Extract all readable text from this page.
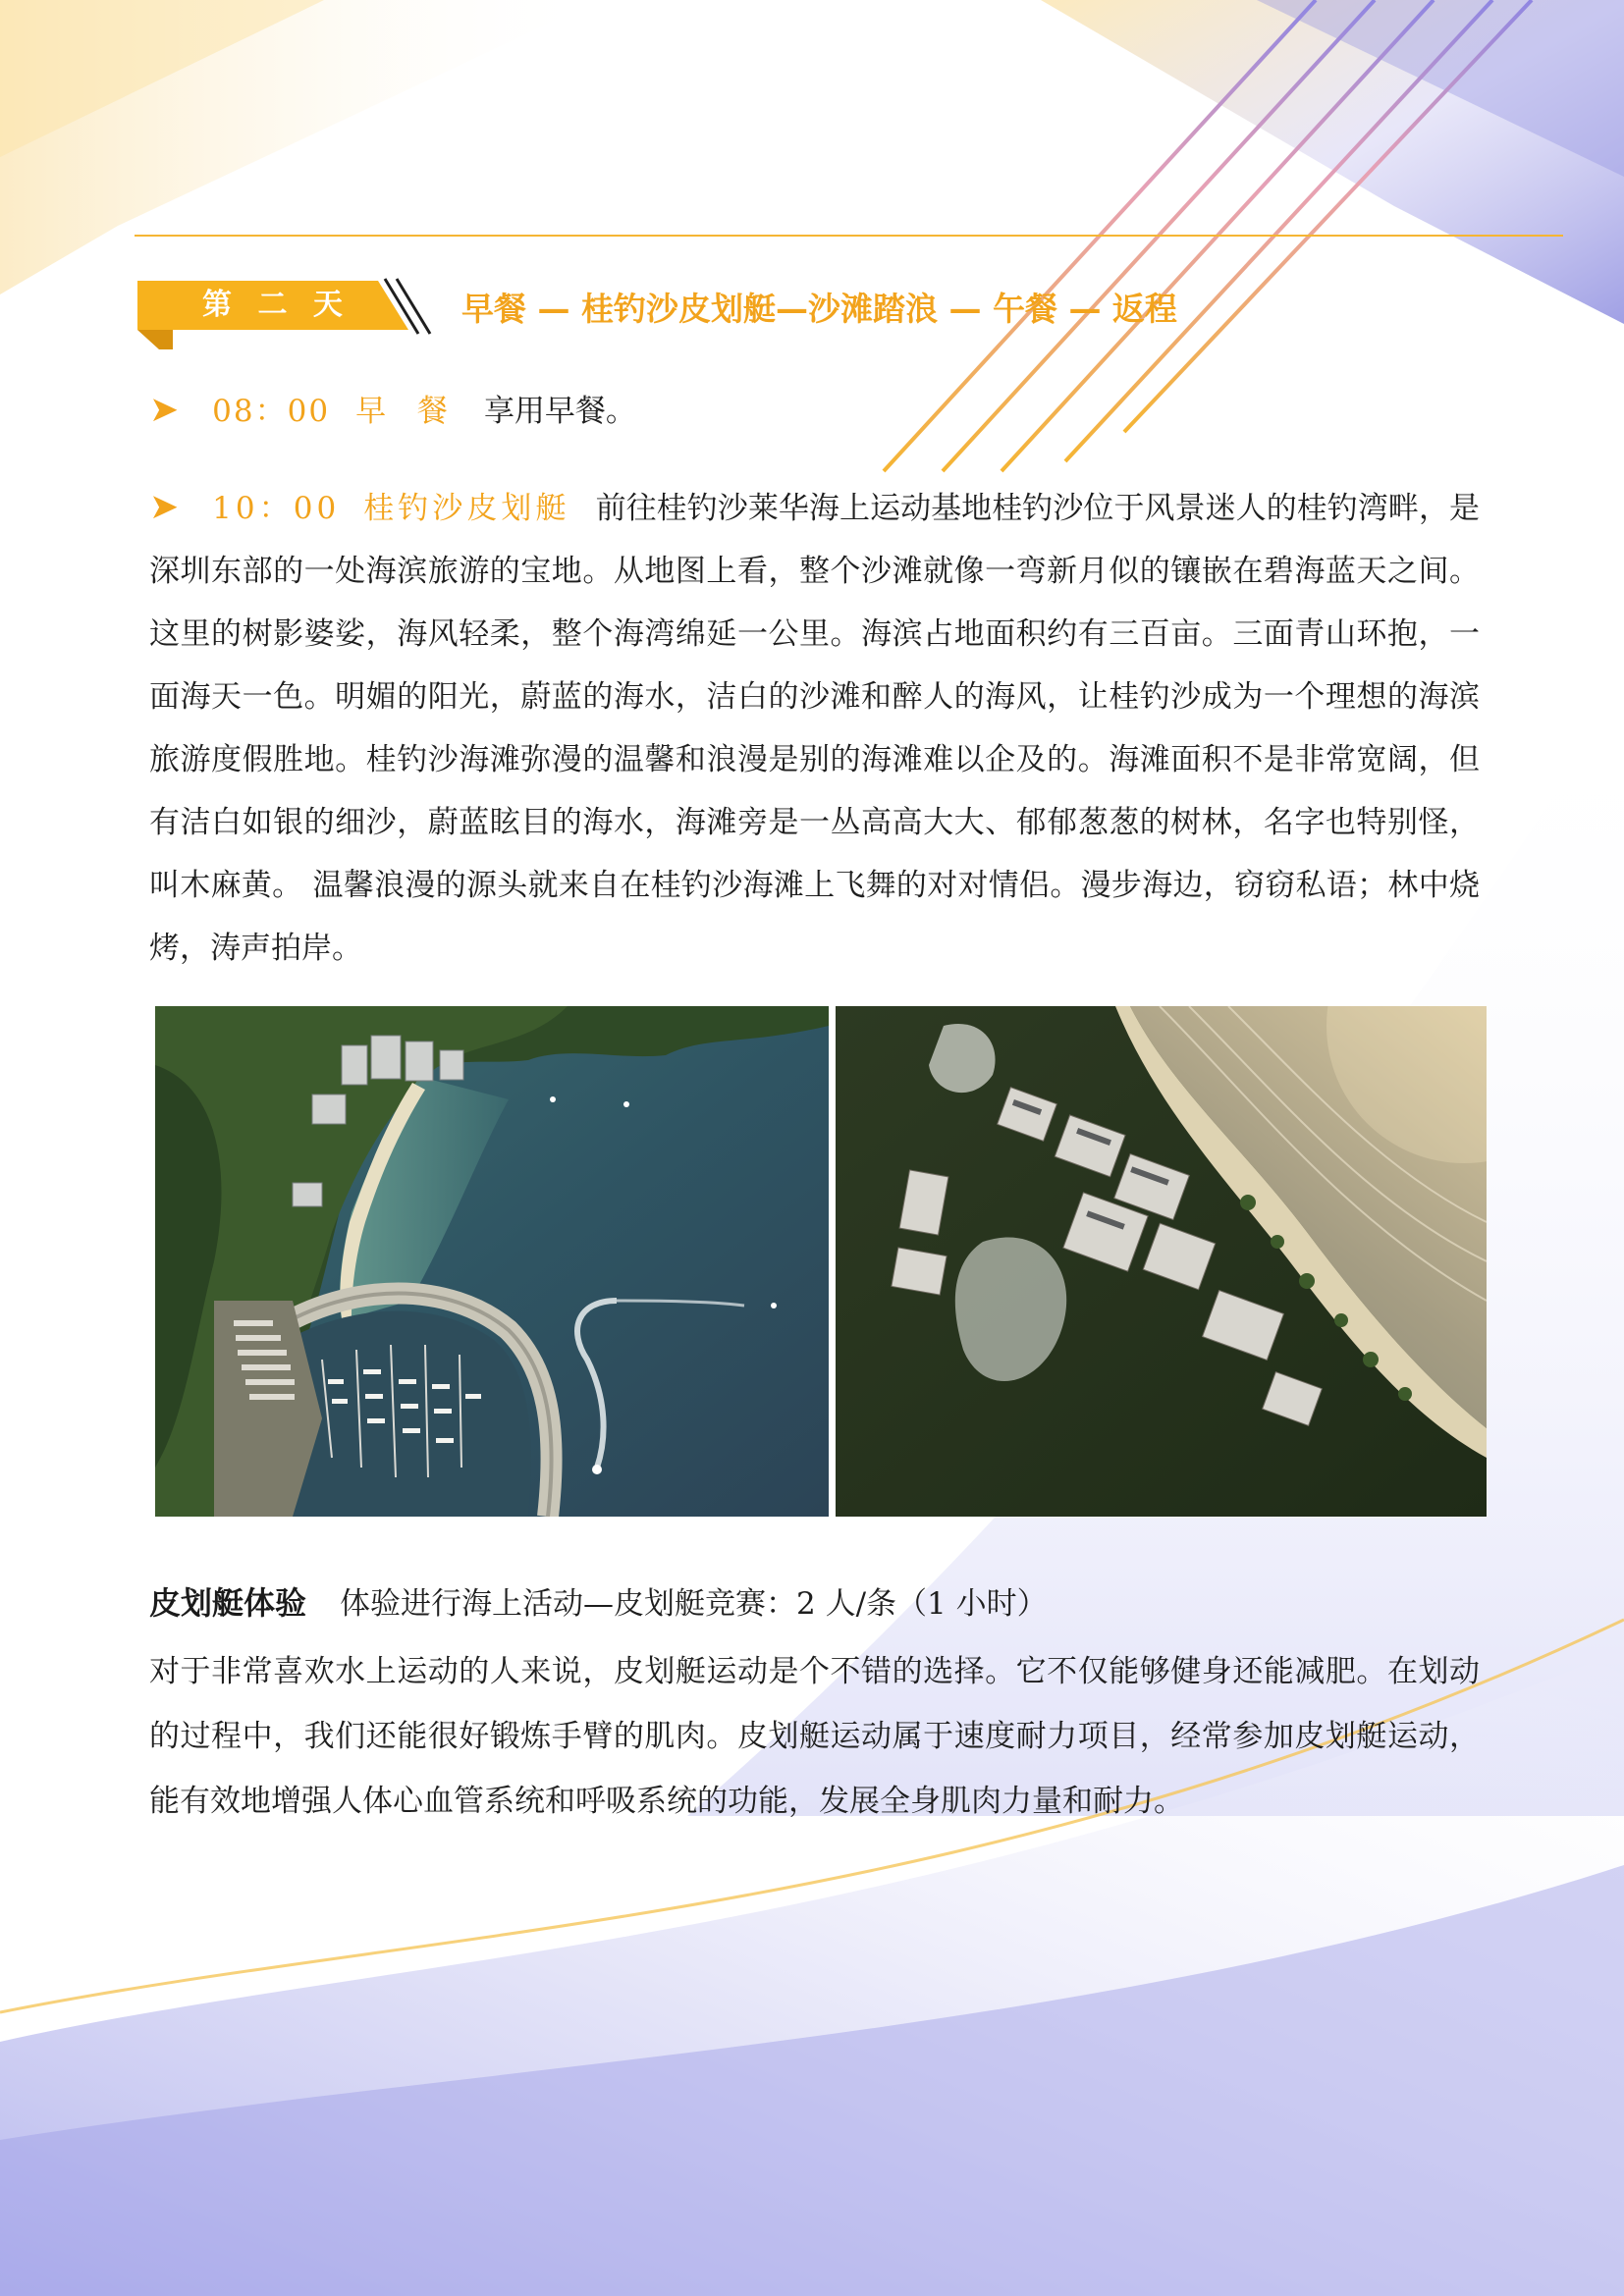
第 二 天	早餐 — 桂钓沙皮划艇—沙滩踏浪 — 午餐 — 返程
➤ 08：00 早 餐 享用早餐。
➤ 10：00 桂钓沙皮划艇 前往桂钓沙莱华海上运动基地桂钓沙位于风景迷人的桂钓湾畔，是深圳东部的一处海滨旅游的宝地。从地图上看，整个沙滩就像一弯新月似的镶嵌在碧海蓝天之间。这里的树影婆娑，海风轻柔，整个海湾绵延一公里。海滨占地面积约有三百亩。三面青山环抱，一面海天一色。明媚的阳光，蔚蓝的海水，洁白的沙滩和醉人的海风，让桂钓沙成为一个理想的海滨旅游度假胜地。桂钓沙海滩弥漫的温馨和浪漫是别的海滩难以企及的。海滩面积不是非常宽阔，但有洁白如银的细沙，蔚蓝眩目的海水，海滩旁是一丛高高大大、郁郁葱葱的树林，名字也特别怪，叫木麻黄。 温馨浪漫的源头就来自在桂钓沙海滩上飞舞的对对情侣。漫步海边，窃窃私语；林中烧烤，涛声拍岸。
皮划艇体验 体验进行海上活动—皮划艇竞赛：2 人/条（1 小时）
对于非常喜欢水上运动的人来说，皮划艇运动是个不错的选择。它不仅能够健身还能减肥。在划动的过程中，我们还能很好锻炼手臂的肌肉。皮划艇运动属于速度耐力项目，经常参加皮划艇运动，能有效地增强人体心血管系统和呼吸系统的功能，发展全身肌肉力量和耐力。
